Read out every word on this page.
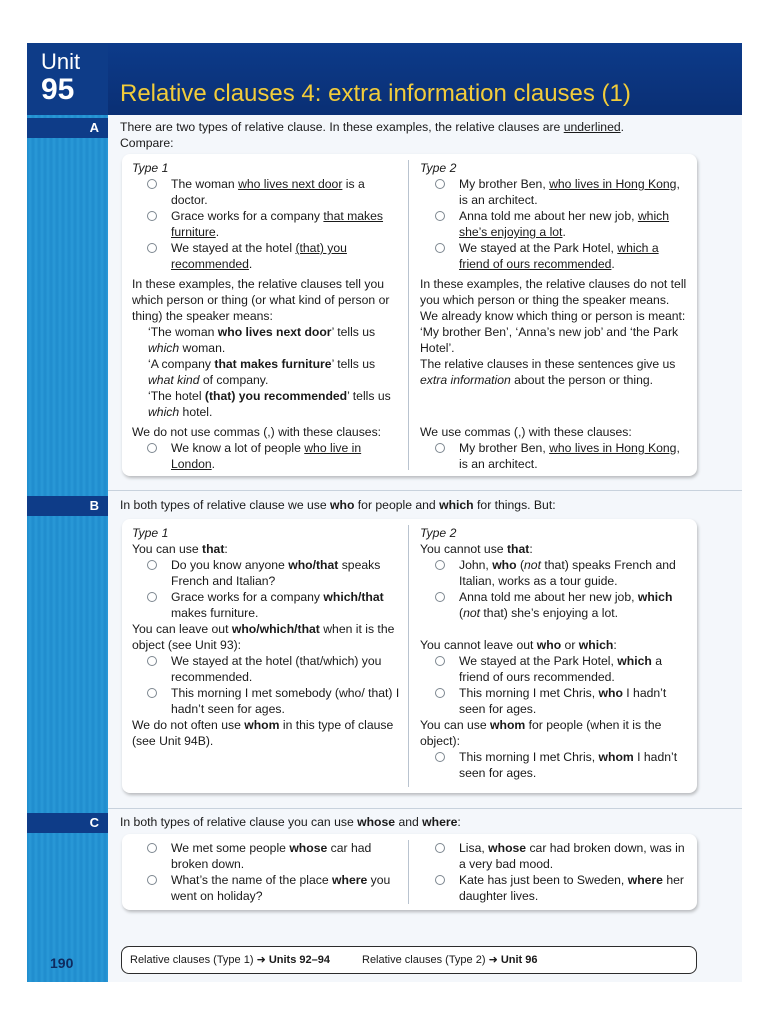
Unit
95 Relative clauses 4: extra information clauses (1)
A	There are two types of relative clause. In these examples, the relative clauses are underlined.
Compare:
Type 1
The woman who lives next door is a doctor.
Grace works for a company that makes furniture.
We stayed at the hotel (that) you recommended.
In these examples, the relative clauses tell you which person or thing (or what kind of person or thing) the speaker means:
‘The woman who lives next door’ tells us which woman.
‘A company that makes furniture’ tells us what kind of company.
‘The hotel (that) you recommended’ tells us which hotel.
We do not use commas (,) with these clauses:
We know a lot of people who live in London.
Type 2
My brother Ben, who lives in Hong Kong, is an architect.
Anna told me about her new job, which she’s enjoying a lot.
We stayed at the Park Hotel, which a friend of ours recommended.
In these examples, the relative clauses do not tell you which person or thing the speaker means. We already know which thing or person is meant: ‘My brother Ben’, ‘Anna’s new job’ and ‘the Park Hotel’.
The relative clauses in these sentences give us extra information about the person or thing.
We use commas (,) with these clauses:
My brother Ben, who lives in Hong Kong, is an architect.
B	In both types of relative clause we use who for people and which for things. But:
Type 1
You can use that:
Do you know anyone who/that speaks French and Italian?
Grace works for a company which/that makes furniture.
You can leave out who/which/that when it is the object (see Unit 93):
We stayed at the hotel (that/which) you recommended.
This morning I met somebody (who/ that) I hadn’t seen for ages.
We do not often use whom in this type of clause (see Unit 94B).
Type 2
You cannot use that:
John, who (not that) speaks French and Italian, works as a tour guide.
Anna told me about her new job, which (not that) she’s enjoying a lot.
You cannot leave out who or which:
We stayed at the Park Hotel, which a friend of ours recommended.
This morning I met Chris, who I hadn’t seen for ages.
You can use whom for people (when it is the object):
This morning I met Chris, whom I hadn’t seen for ages.
C	In both types of relative clause you can use whose and where:
We met some people whose car had broken down.
What’s the name of the place where you went on holiday?
Lisa, whose car had broken down, was in a very bad mood.
Kate has just been to Sweden, where her daughter lives.
190	Relative clauses (Type 1) ➜ Units 92–94	Relative clauses (Type 2) ➜ Unit 96
